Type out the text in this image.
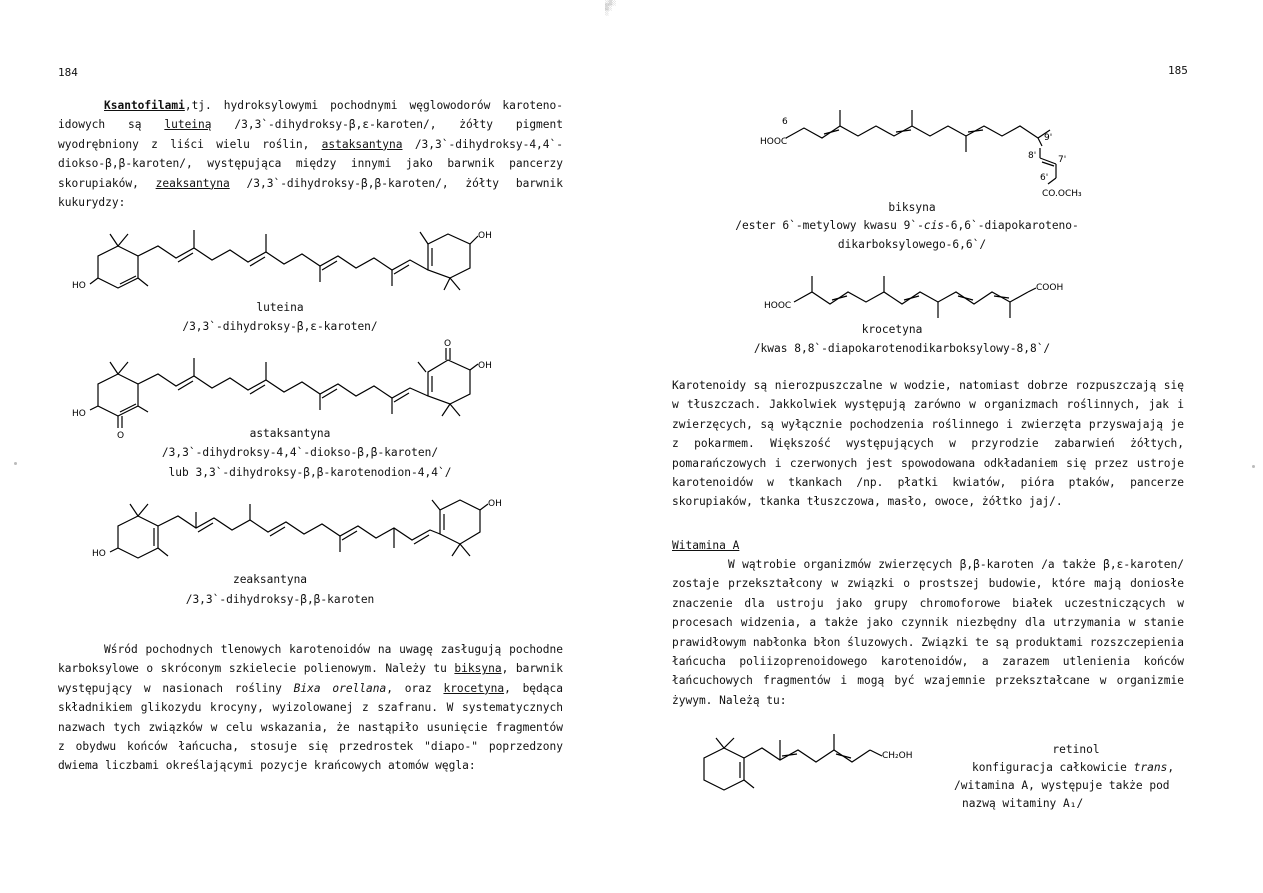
░▒░
▒░
░
184
Ksantofilami,tj. hydroksylowymi pochodnymi węglowodorów karoteno-idowych są luteiną /3,3`-dihydroksy-β,ε-karoten/, żółty pigment wyodrębniony z liści wielu roślin, astaksantyna /3,3`-dihydroksy-4,4`-diokso-β,β-karoten/, występująca między innymi jako barwnik pancerzy skorupiaków, zeaksantyna /3,3`-dihydroksy-β,β-karoten/, żółty barwnik kukurydzy:
OH
HO
luteina
/3,3`-dihydroksy-β,ε-karoten/
O
HO
O
OH
astaksantyna
/3,3`-dihydroksy-4,4`-diokso-β,β-karoten/
lub 3,3`-dihydroksy-β,β-karotenodion-4,4`/
HO
OH
zeaksantyna
/3,3`-dihydroksy-β,β-karoten
Wśród pochodnych tlenowych karotenoidów na uwagę zasługują pochodne karboksylowe o skróconym szkielecie polienowym. Należy tu biksyna, barwnik występujący w nasionach rośliny Bixa orellana, oraz krocetyna, będąca składnikiem glikozydu krocyny, wyizolowanej z szafranu. W systematycznych nazwach tych związków w celu wskazania, że nastąpiło usunięcie fragmentów z obydwu końców łańcucha, stosuje się przedrostek "diapo-" poprzedzony dwiema liczbami określającymi pozycje krańcowych atomów węgla:
185
HOOC
6
9'
8' 7'
6'
CO.OCH₃
biksyna
/ester 6`-metylowy kwasu 9`-cis-6,6`-diapokaroteno-
dikarboksylowego-6,6`/
HOOC
COOH
krocetyna
/kwas 8,8`-diapokarotenodikarboksylowy-8,8`/
Karotenoidy są nierozpuszczalne w wodzie, natomiast dobrze rozpuszczają się w tłuszczach. Jakkolwiek występują zarówno w organizmach roślinnych, jak i zwierzęcych, są wyłącznie pochodzenia roślinnego i zwierzęta przyswajają je z pokarmem. Większość występujących w przyrodzie zabarwień żółtych, pomarańczowych i czerwonych jest spowodowana odkładaniem się przez ustroje karotenoidów w tkankach /np. płatki kwiatów, pióra ptaków, pancerze skorupiaków, tkanka tłuszczowa, masło, owoce, żółtko jaj/.
Witamina A
W wątrobie organizmów zwierzęcych β,β-karoten /a także β,ε-karoten/ zostaje przekształcony w związki o prostszej budowie, które mają doniosłe znaczenie dla ustroju jako grupy chromoforowe białek uczestniczących w procesach widzenia, a także jako czynnik niezbędny dla utrzymania w stanie prawidłowym nabłonka błon śluzowych. Związki te są produktami rozszczepienia łańcucha poliizoprenoidowego karotenoidów, a zarazem utlenienia końców łańcuchowych fragmentów i mogą być wzajemnie przekształcane w organizmie żywym. Należą tu:
CH₂OH	retinol
konfiguracja całkowicie trans,
/witamina A, występuje także pod
nazwą witaminy A₁/
